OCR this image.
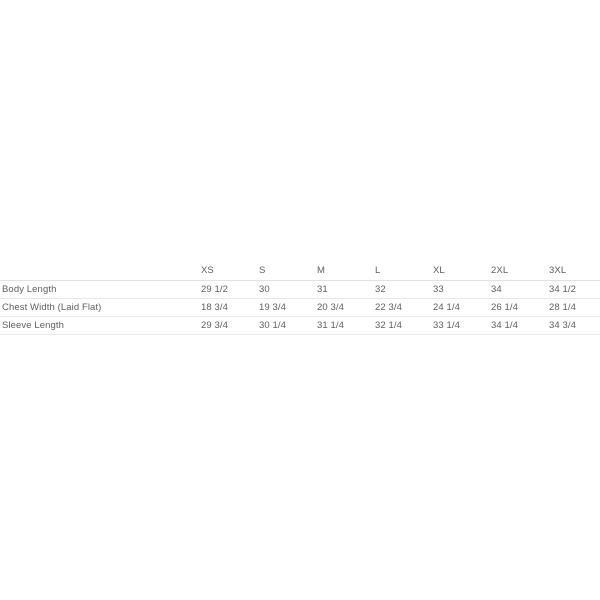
	XS	S	M	L	XL	2XL	3XL
Body Length	29 1/2	30	31	32	33	34	34 1/2
Chest Width (Laid Flat)	18 3/4	19 3/4	20 3/4	22 3/4	24 1/4	26 1/4	28 1/4
Sleeve Length	29 3/4	30 1/4	31 1/4	32 1/4	33 1/4	34 1/4	34 3/4
